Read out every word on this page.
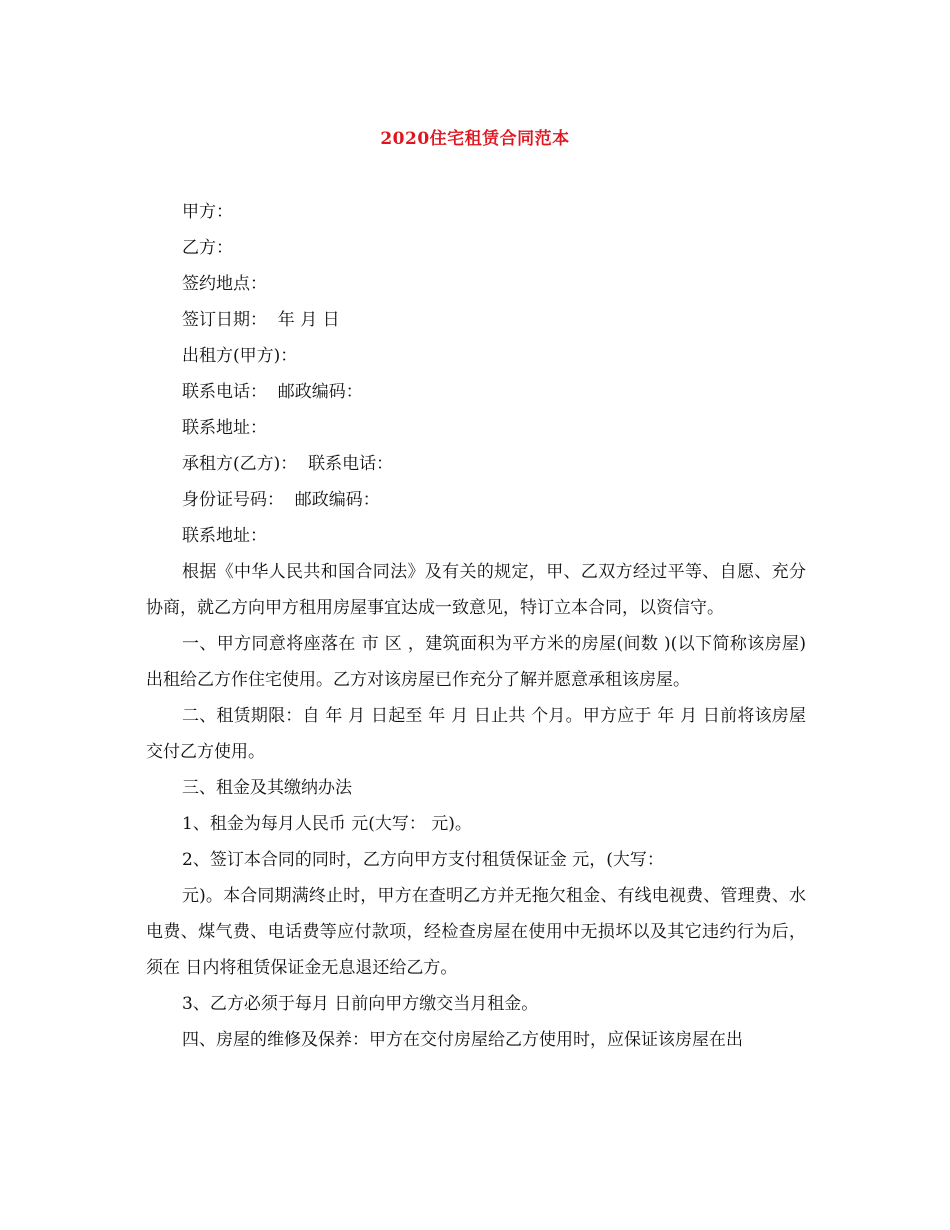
2020住宅租赁合同范本

甲方：

乙方：

签约地点：

签订日期：  年 月 日

出租方(甲方)：

联系电话：  邮政编码：

联系地址：

承租方(乙方)：  联系电话：

身份证号码：  邮政编码：

联系地址：

根据《中华人民共和国合同法》及有关的规定，甲、乙双方经过平等、自愿、充分协商，就乙方向甲方租用房屋事宜达成一致意见，特订立本合同，以资信守。

一、甲方同意将座落在 市 区 ，建筑面积为平方米的房屋(间数 )(以下简称该房屋)出租给乙方作住宅使用。乙方对该房屋已作充分了解并愿意承租该房屋。

二、租赁期限：自 年 月 日起至 年 月 日止共 个月。甲方应于 年 月 日前将该房屋交付乙方使用。

三、租金及其缴纳办法

1、租金为每月人民币 元(大写： 元)。

2、签订本合同的同时，乙方向甲方支付租赁保证金 元，(大写：

元)。本合同期满终止时，甲方在查明乙方并无拖欠租金、有线电视费、管理费、水电费、煤气费、电话费等应付款项，经检查房屋在使用中无损坏以及其它违约行为后，须在 日内将租赁保证金无息退还给乙方。

3、乙方必须于每月 日前向甲方缴交当月租金。

四、房屋的维修及保养：甲方在交付房屋给乙方使用时，应保证该房屋在出
